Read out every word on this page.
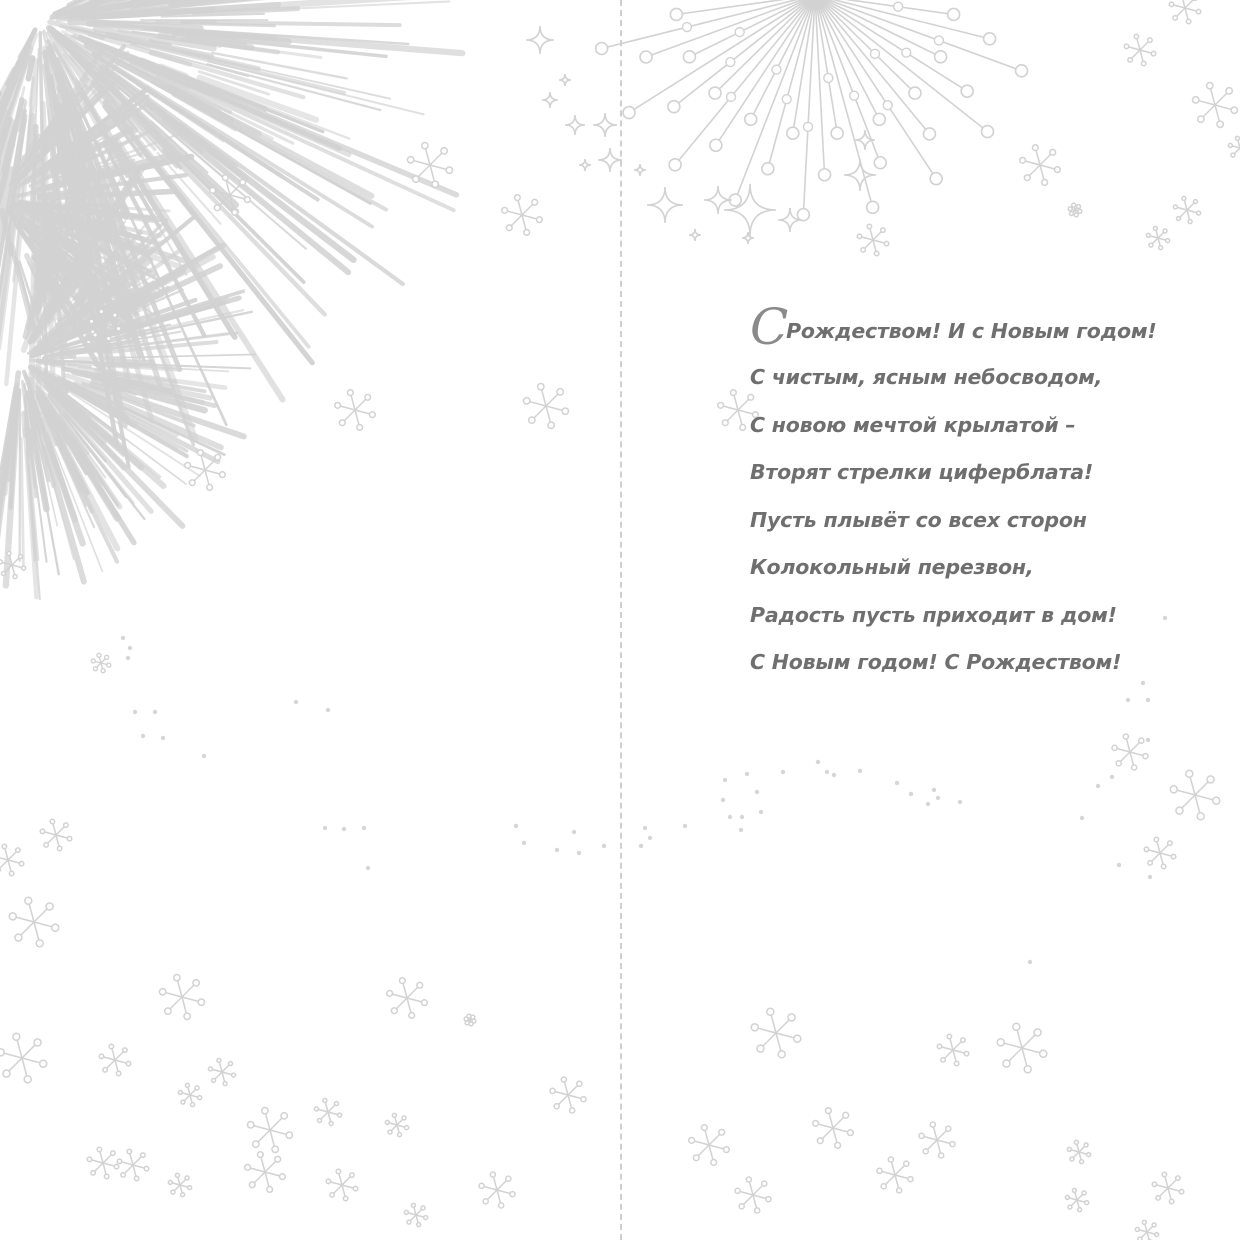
СРождеством! И с Новым годом!
С чистым, ясным небосводом,
С новою мечтой крылатой –
Вторят стрелки циферблата!
Пусть плывёт со всех сторон
Колокольный перезвон,
Радость пусть приходит в дом!
С Новым годом! С Рождеством!
